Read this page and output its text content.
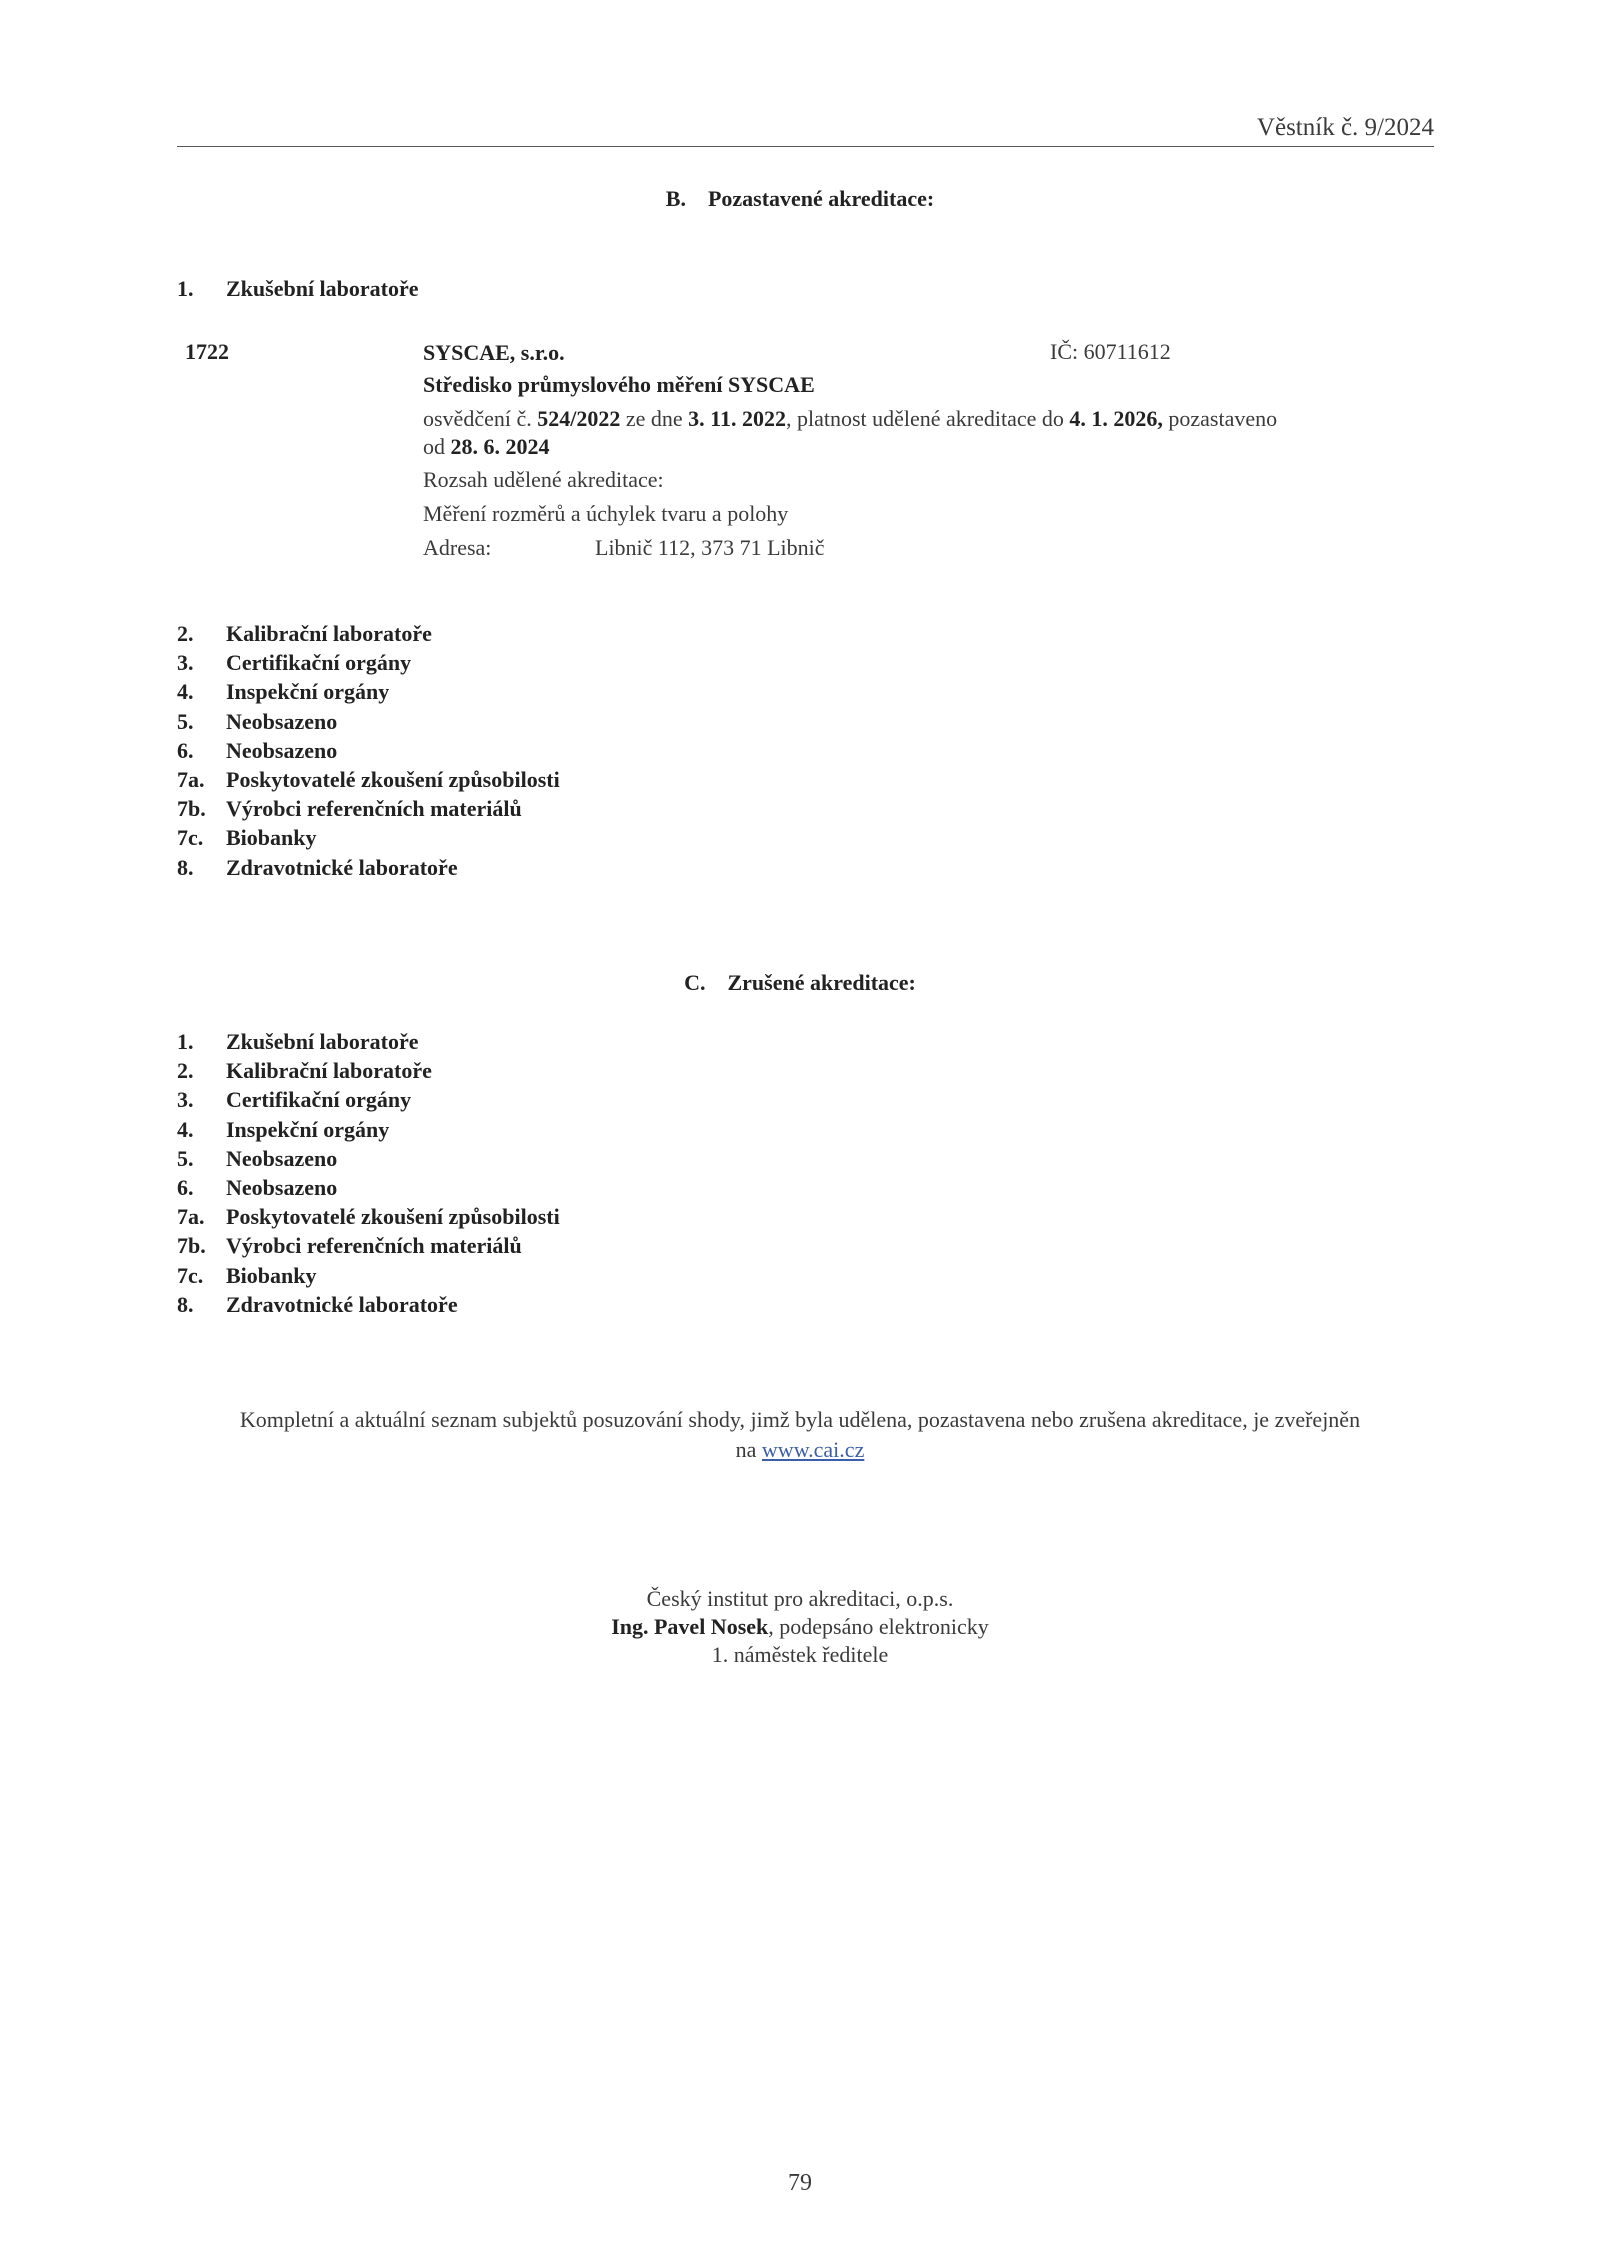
Věstník č. 9/2024
B. Pozastavené akreditace:
1. Zkušební laboratoře
1722	SYSCAE, s.r.o.	IČ: 60711612
Středisko průmyslového měření SYSCAE
osvědčení č. 524/2022 ze dne 3. 11. 2022, platnost udělené akreditace do 4. 1. 2026, pozastaveno
od 28. 6. 2024
Rozsah udělené akreditace:
Měření rozměrů a úchylek tvaru a polohy
Adresa:	Libnič 112, 373 71 Libnič
2. Kalibrační laboratoře
3. Certifikační orgány
4. Inspekční orgány
5. Neobsazeno
6. Neobsazeno
7a. Poskytovatelé zkoušení způsobilosti
7b. Výrobci referenčních materiálů
7c. Biobanky
8. Zdravotnické laboratoře
C. Zrušené akreditace:
1. Zkušební laboratoře
2. Kalibrační laboratoře
3. Certifikační orgány
4. Inspekční orgány
5. Neobsazeno
6. Neobsazeno
7a. Poskytovatelé zkoušení způsobilosti
7b. Výrobci referenčních materiálů
7c. Biobanky
8. Zdravotnické laboratoře
Kompletní a aktuální seznam subjektů posuzování shody, jimž byla udělena, pozastavena nebo zrušena akreditace, je zveřejněn
na www.cai.cz
Český institut pro akreditaci, o.p.s.
Ing. Pavel Nosek, podepsáno elektronicky
1. náměstek ředitele
79
